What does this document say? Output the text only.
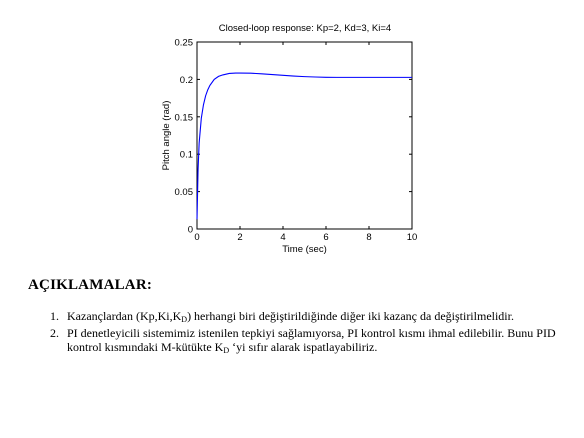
Closed-loop response: Kp=2, Kd=3, Ki=4
0	2	4	6	8	10
0
0.05
0.1
0.15
0.2
0.25
Time (sec)
Pitch angle (rad)
AÇIKLAMALAR:
1. Kazançlardan $(Kp,Ki,K_D)$ herhangi biri değiştirildiğinde diğer iki kazanç da değiştirilmelidir.
2. PI denetleyicili sistemimiz istenilen tepkiyi sağlamıyorsa, PI kontrol kısmı ihmal edilebilir. Bunu PID kontrol kısmındaki M-kütükte $K_D$ ‘yi sıfır alarak ispatlayabiliriz.
